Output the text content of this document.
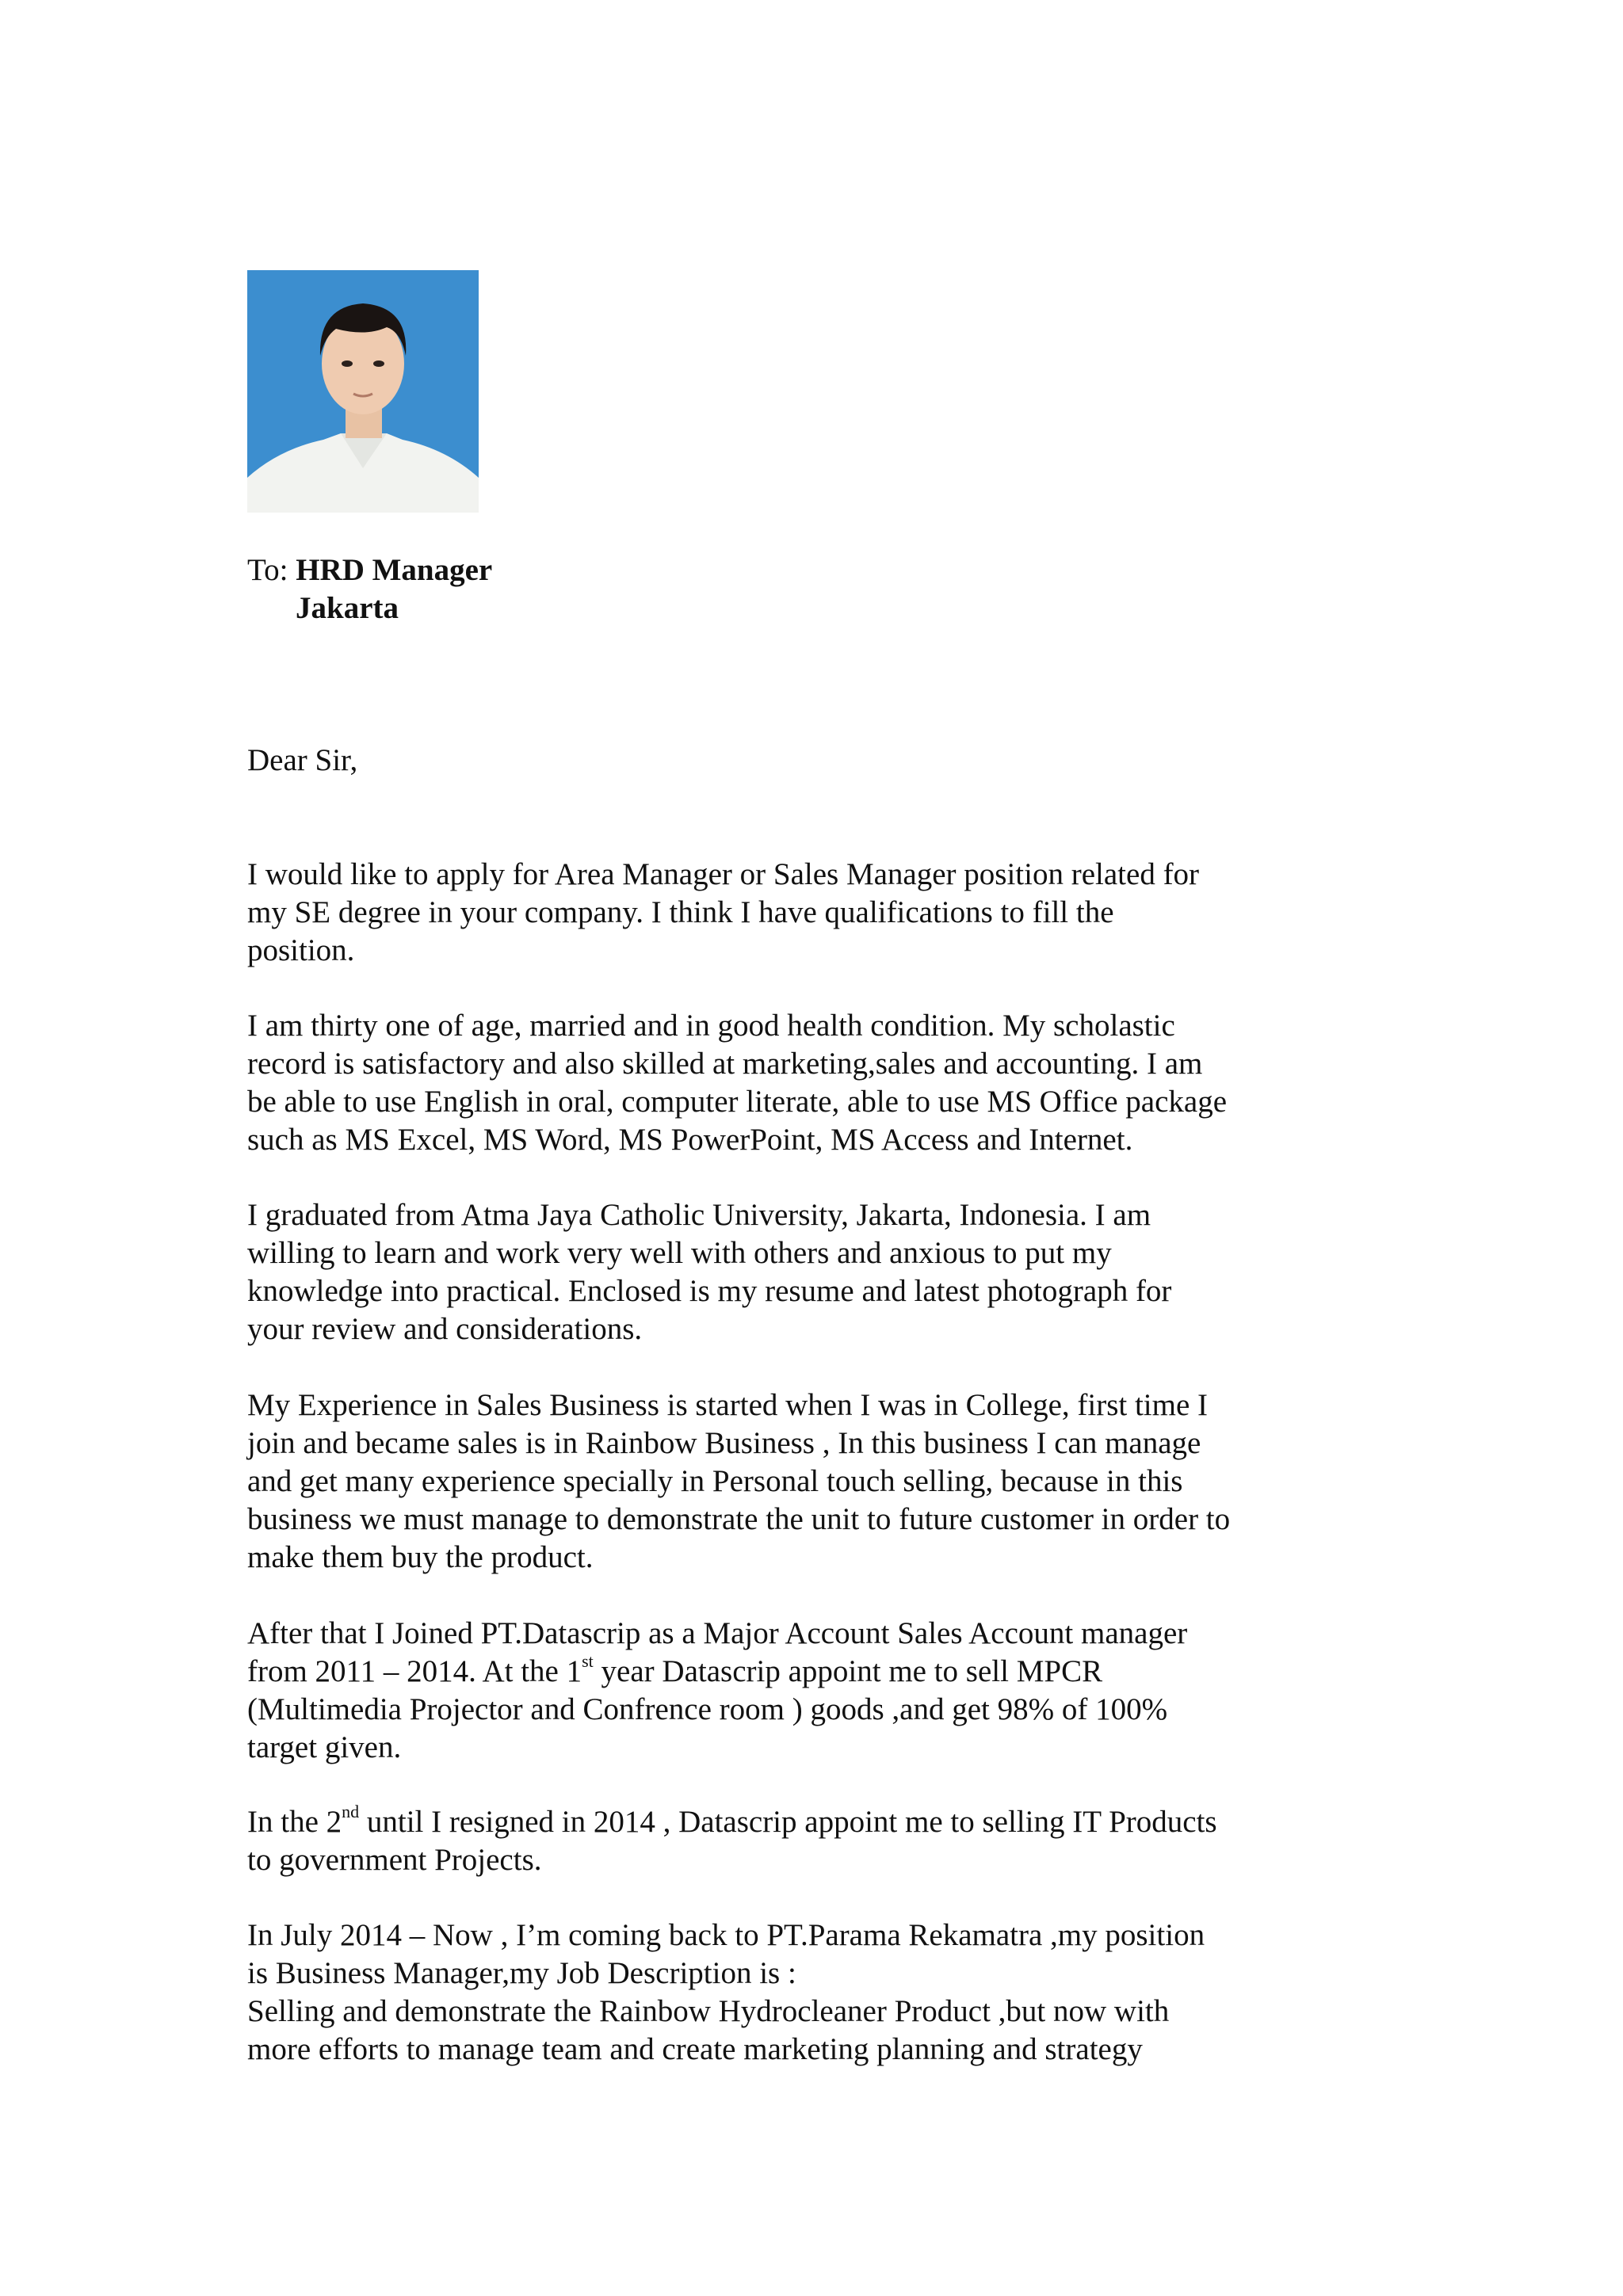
To: HRD Manager
Jakarta
Dear Sir,

I would like to apply for Area Manager or Sales Manager position related for

my SE degree in your company. I think I have qualifications to fill the

position.

I am thirty one of age, married and in good health condition. My scholastic

record is satisfactory and also skilled at marketing,sales and accounting. I am

be able to use English in oral, computer literate, able to use MS Office package

such as MS Excel, MS Word, MS PowerPoint, MS Access and Internet.

I graduated from Atma Jaya Catholic University, Jakarta, Indonesia. I am

willing to learn and work very well with others and anxious to put my

knowledge into practical. Enclosed is my resume and latest photograph for

your review and considerations.

My Experience in Sales Business is started when I was in College, first time I

join and became sales is in Rainbow Business , In this business I can manage

and get many experience specially in Personal touch selling, because in this

business we must manage to demonstrate the unit to future customer in order to

make them buy the product.

After that I Joined PT.Datascrip as a Major Account Sales Account manager

from 2011 – 2014. At the 1st year Datascrip appoint me to sell MPCR

(Multimedia Projector and Confrence room ) goods ,and get 98% of 100%

target given.

In the 2nd until I resigned in 2014 , Datascrip appoint me to selling IT Products

to government Projects.

In July 2014 – Now , I’m coming back to PT.Parama Rekamatra ,my position

is Business Manager,my Job Description is :

Selling and demonstrate the Rainbow Hydrocleaner Product ,but now with

more efforts to manage team and create marketing planning and strategy
